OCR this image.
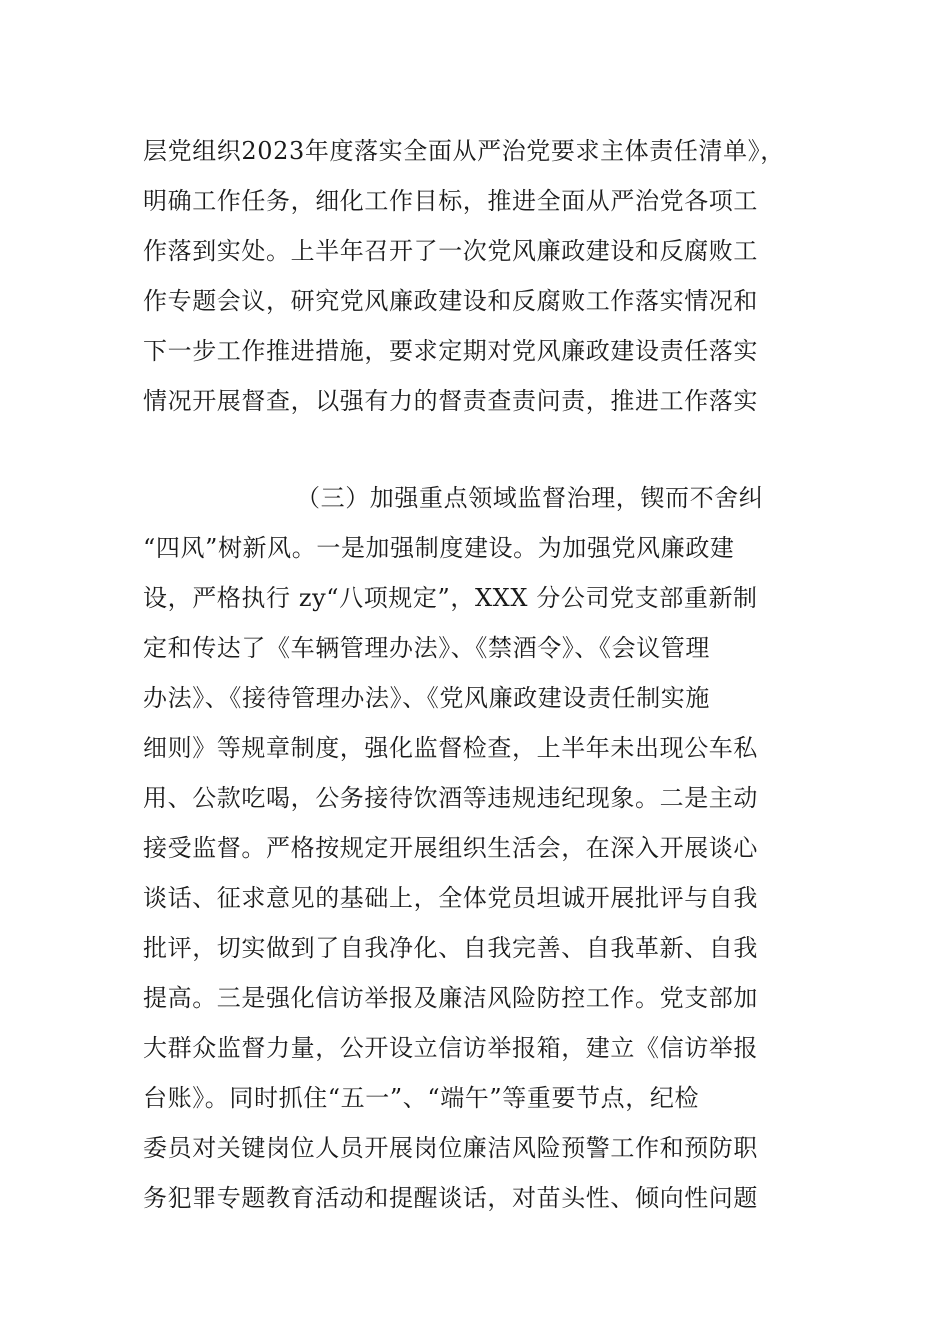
层党组织2023年度落实全面从严治党要求主体责任清单》，
明确工作任务，细化工作目标，推进全面从严治党各项工
作落到实处。上半年召开了一次党风廉政建设和反腐败工
作专题会议，研究党风廉政建设和反腐败工作落实情况和
下一步工作推进措施，要求定期对党风廉政建设责任落实
情况开展督查，以强有力的督责查责问责，推进工作落实
（三）加强重点领域监督治理，锲而不舍纠
“四风”树新风。一是加强制度建设。为加强党风廉政建
设，严格执行 zy“八项规定”，XXX 分公司党支部重新制
定和传达了《车辆管理办法》、《禁酒令》、《会议管理
办法》、《接待管理办法》、《党风廉政建设责任制实施
细则》等规章制度，强化监督检查，上半年未出现公车私
用、公款吃喝，公务接待饮酒等违规违纪现象。二是主动
接受监督。严格按规定开展组织生活会，在深入开展谈心
谈话、征求意见的基础上，全体党员坦诚开展批评与自我
批评，切实做到了自我净化、自我完善、自我革新、自我
提高。三是强化信访举报及廉洁风险防控工作。党支部加
大群众监督力量，公开设立信访举报箱，建立《信访举报
台账》。同时抓住“五一”、“端午”等重要节点，纪检
委员对关键岗位人员开展岗位廉洁风险预警工作和预防职
务犯罪专题教育活动和提醒谈话，对苗头性、倾向性问题
